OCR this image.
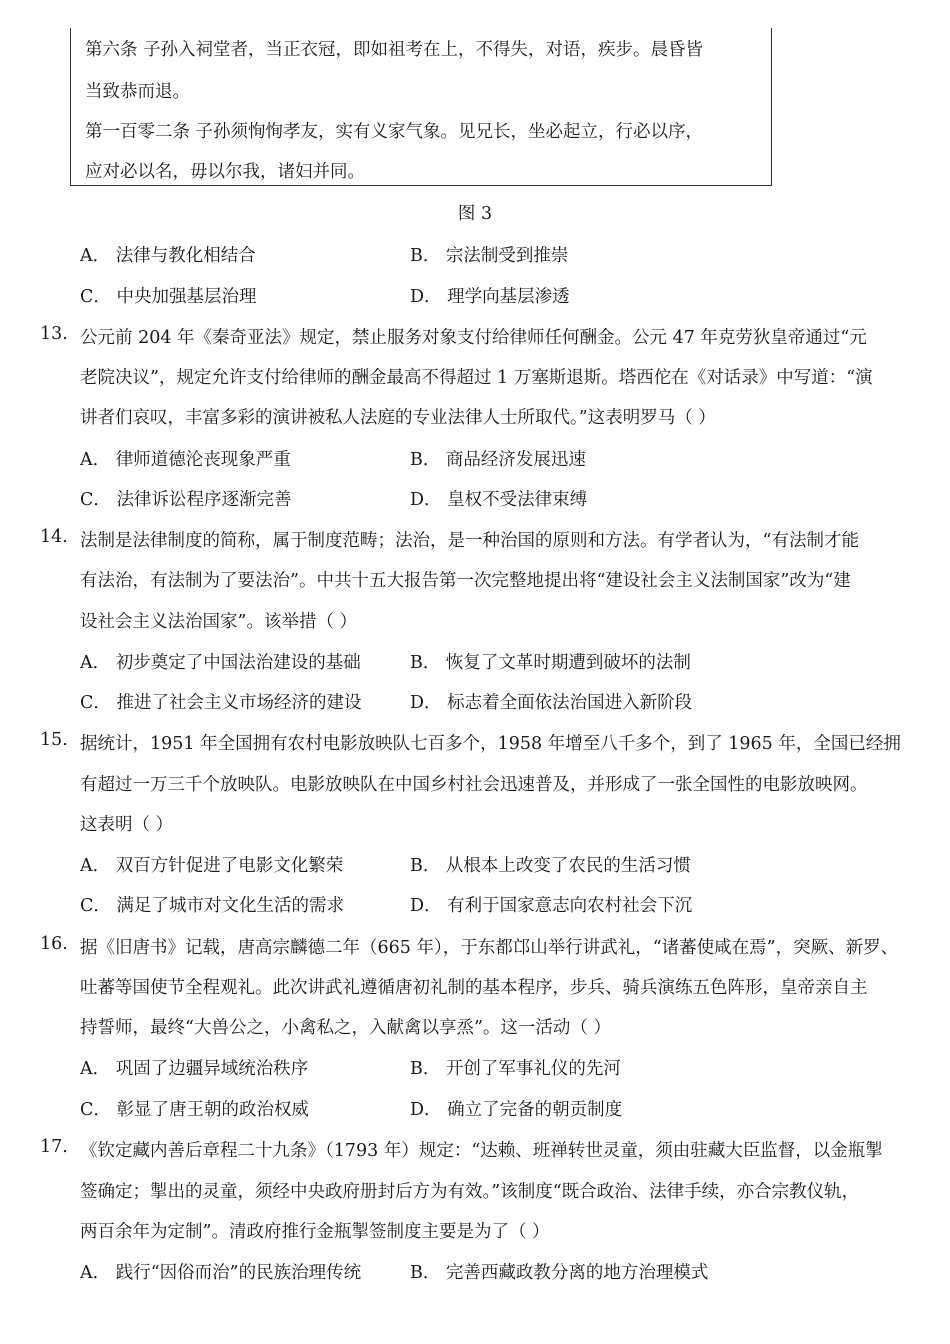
第六条 子孙入祠堂者，当正衣冠，即如祖考在上，不得失，对语，疾步。晨昏皆
当致恭而退。
第一百零二条 子孙须恂恂孝友，实有义家气象。见兄长，坐必起立，行必以序，
应对必以名，毋以尔我，诸妇并同。
图 3
A． 法律与教化相结合	B． 宗法制受到推崇
C． 中央加强基层治理	D． 理学向基层渗透
13. 公元前 204 年《秦奇亚法》规定，禁止服务对象支付给律师任何酬金。公元 47 年克劳狄皇帝通过“元
老院决议”，规定允许支付给律师的酬金最高不得超过 1 万塞斯退斯。塔西佗在《对话录》中写道：“演
讲者们哀叹，丰富多彩的演讲被私人法庭的专业法律人士所取代。”这表明罗马（ ）
A． 律师道德沦丧现象严重	B． 商品经济发展迅速
C． 法律诉讼程序逐渐完善	D． 皇权不受法律束缚
14. 法制是法律制度的简称，属于制度范畴；法治，是一种治国的原则和方法。有学者认为，“有法制才能
有法治，有法制为了要法治”。中共十五大报告第一次完整地提出将“建设社会主义法制国家”改为“建
设社会主义法治国家”。该举措（ ）
A． 初步奠定了中国法治建设的基础	B． 恢复了文革时期遭到破坏的法制
C． 推进了社会主义市场经济的建设	D． 标志着全面依法治国进入新阶段
15. 据统计，1951 年全国拥有农村电影放映队七百多个，1958 年增至八千多个，到了 1965 年，全国已经拥
有超过一万三千个放映队。电影放映队在中国乡村社会迅速普及，并形成了一张全国性的电影放映网。
这表明（ ）
A． 双百方针促进了电影文化繁荣	B． 从根本上改变了农民的生活习惯
C． 满足了城市对文化生活的需求	D． 有利于国家意志向农村社会下沉
16. 据《旧唐书》记载，唐高宗麟德二年（665 年），于东都邙山举行讲武礼，“诸蕃使咸在焉”，突厥、新罗、
吐蕃等国使节全程观礼。此次讲武礼遵循唐初礼制的基本程序，步兵、骑兵演练五色阵形，皇帝亲自主
持誓师，最终“大兽公之，小禽私之，入献禽以享烝”。这一活动（ ）
A． 巩固了边疆异域统治秩序	B． 开创了军事礼仪的先河
C． 彰显了唐王朝的政治权威	D． 确立了完备的朝贡制度
17. 《钦定藏内善后章程二十九条》（1793 年）规定：“达赖、班禅转世灵童，须由驻藏大臣监督，以金瓶掣
签确定；掣出的灵童，须经中央政府册封后方为有效。”该制度“既合政治、法律手续，亦合宗教仪轨，
两百余年为定制”。清政府推行金瓶掣签制度主要是为了（ ）
A． 践行“因俗而治”的民族治理传统	B． 完善西藏政教分离的地方治理模式
